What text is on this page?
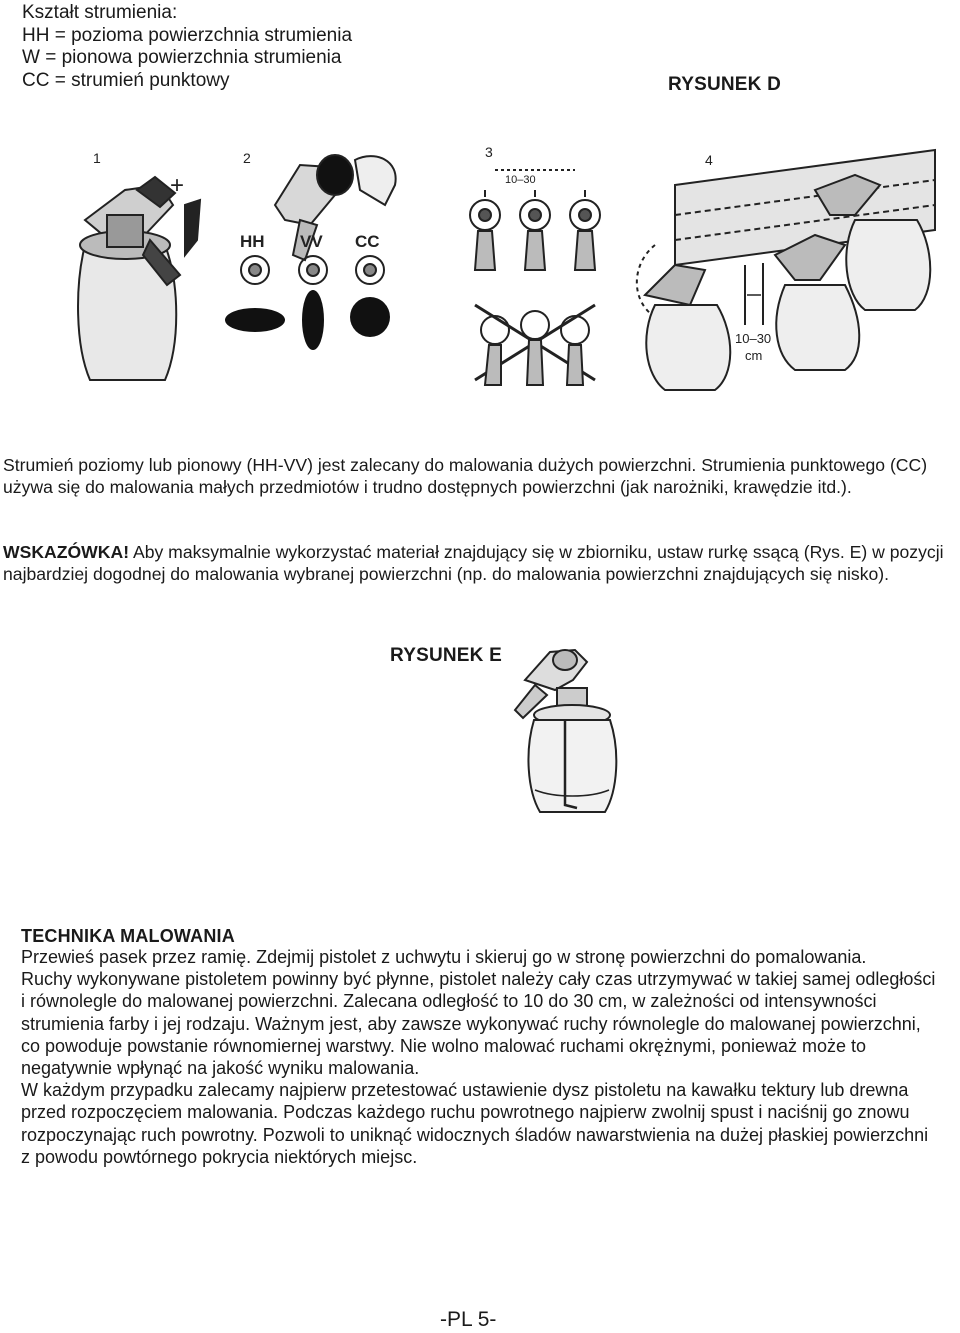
Kształt strumienia:
HH = pozioma powierzchnia strumienia
W = pionowa powierzchnia strumienia
CC = strumień punktowy	RYSUNEK D
1
+
2
HH VV CC
3
10–30
4
10–30
cm
Strumień poziomy lub pionowy (HH-VV) jest zalecany do malowania dużych powierzchni. Strumienia punktowego (CC) używa się do malowania małych przedmiotów i trudno dostępnych powierzchni (jak narożniki, krawędzie itd.).
WSKAZÓWKA! Aby maksymalnie wykorzystać materiał znajdujący się w zbiorniku, ustaw rurkę ssącą (Rys. E) w pozycji najbardziej dogodnej do malowania wybranej powierzchni (np. do malowania powierzchni znajdujących się nisko).
RYSUNEK E
TECHNIKA MALOWANIA

Przewieś pasek przez ramię. Zdejmij pistolet z uchwytu i skieruj go w stronę powierzchni do pomalowania.

Ruchy wykonywane pistoletem powinny być płynne, pistolet należy cały czas utrzymywać w takiej samej odległości i równolegle do malowanej powierzchni. Zalecana odległość to 10 do 30 cm, w zależności od intensywności strumienia farby i jej rodzaju. Ważnym jest, aby zawsze wykonywać ruchy równolegle do malowanej powierzchni, co powoduje powstanie równomiernej warstwy. Nie wolno malować ruchami okrężnymi, ponieważ może to negatywnie wpłynąć na jakość wyniku malowania.

W każdym przypadku zalecamy najpierw przetestować ustawienie dysz pistoletu na kawałku tektury lub drewna przed rozpoczęciem malowania. Podczas każdego ruchu powrotnego najpierw zwolnij spust i naciśnij go znowu rozpoczynając ruch powrotny. Pozwoli to uniknąć widocznych śladów nawarstwienia na dużej płaskiej powierzchni z powodu powtórnego pokrycia niektórych miejsc.

-PL 5-
